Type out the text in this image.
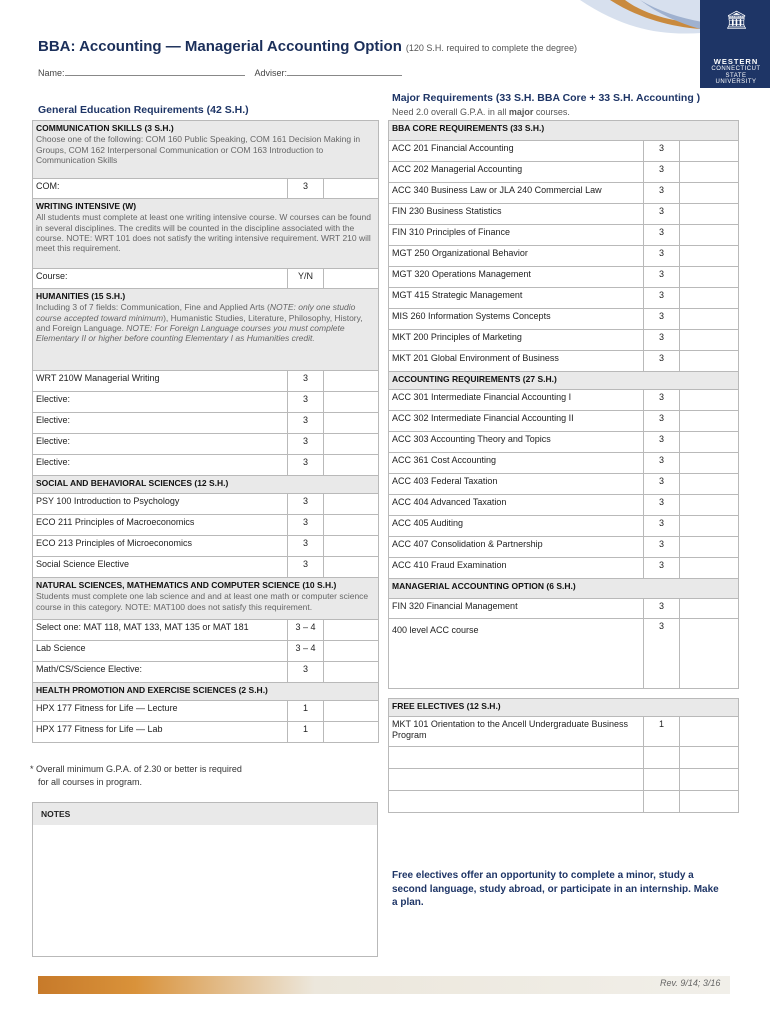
BBA: Accounting — Managerial Accounting Option (120 S.H. required to complete the degree)
Name:	Adviser:
🏛
WESTERN
CONNECTICUT
STATE UNIVERSITY
General Education Requirements (42 S.H.)
COMMUNICATION SKILLS (3 S.H.)
Choose one of the following: COM 160 Public Speaking, COM 161 Decision Making in Groups, COM 162 Interpersonal Communication or COM 163 Introduction to Communication Skills		

COM:	3	
WRITING INTENSIVE (W)
All students must complete at least one writing intensive course. W courses can be found in several disciplines. The credits will be counted in the discipline associated with the course. NOTE: WRT 101 does not satisfy the writing intensive requirement. WRT 210 will meet this requirement.		

Course:	Y/N	
HUMANITIES (15 S.H.)
Including 3 of 7 fields: Communication, Fine and Applied Arts (NOTE: only one studio course accepted toward minimum), Humanistic Studies, Literature, Philosophy, History, and Foreign Language. NOTE: For Foreign Language courses you must complete Elementary II or higher before counting Elementary I as Humanities credit.		

WRT 210W Managerial Writing	3	
Elective:	3	
Elective:	3	
Elective:	3	
Elective:	3	
SOCIAL AND BEHAVIORAL SCIENCES (12 S.H.)		
PSY 100 Introduction to Psychology	3	
ECO 211 Principles of Macroeconomics	3	
ECO 213 Principles of Microeconomics	3	
Social Science Elective	3	
NATURAL SCIENCES, MATHEMATICS AND COMPUTER SCIENCE (10 S.H.)
Students must complete one lab science and and at least one math or computer science course in this category. NOTE: MAT100 does not satisfy this requirement.		

Select one: MAT 118, MAT 133, MAT 135 or MAT 181	3 – 4	
Lab Science	3 – 4	
Math/CS/Science Elective:	3	
HEALTH PROMOTION AND EXERCISE SCIENCES (2 S.H.)		
HPX 177 Fitness for Life — Lecture	1	
HPX 177 Fitness for Life — Lab	1	
* Overall minimum G.P.A. of 2.30 or better is required
for all courses in program.
NOTES
Major Requirements (33 S.H. BBA Core + 33 S.H. Accounting )
Need 2.0 overall G.P.A. in all major courses.
BBA CORE REQUIREMENTS (33 S.H.)		
ACC 201 Financial Accounting	3	
ACC 202 Managerial Accounting	3	
ACC 340 Business Law or JLA 240 Commercial Law	3	
FIN 230 Business Statistics	3	
FIN 310 Principles of Finance	3	
MGT 250 Organizational Behavior	3	
MGT 320 Operations Management	3	
MGT 415 Strategic Management	3	
MIS 260 Information Systems Concepts	3	
MKT 200 Principles of Marketing	3	
MKT 201 Global Environment of Business	3	
ACCOUNTING REQUIREMENTS (27 S.H.)		
ACC 301 Intermediate Financial Accounting I	3	
ACC 302 Intermediate Financial Accounting II	3	
ACC 303 Accounting Theory and Topics	3	
ACC 361 Cost Accounting	3	
ACC 403 Federal Taxation	3	
ACC 404 Advanced Taxation	3	
ACC 405 Auditing	3	
ACC 407 Consolidation & Partnership	3	
ACC 410 Fraud Examination	3	
MANAGERIAL ACCOUNTING OPTION (6 S.H.)		
FIN 320 Financial Management	3	
400 level ACC course	3	

FREE ELECTIVES (12 S.H.)		
MKT 101 Orientation to the Ancell Undergraduate Business Program	1	

Free electives offer an opportunity to complete a minor, study a second language, study abroad, or participate in an internship. Make a plan.
Rev. 9/14; 3/16
